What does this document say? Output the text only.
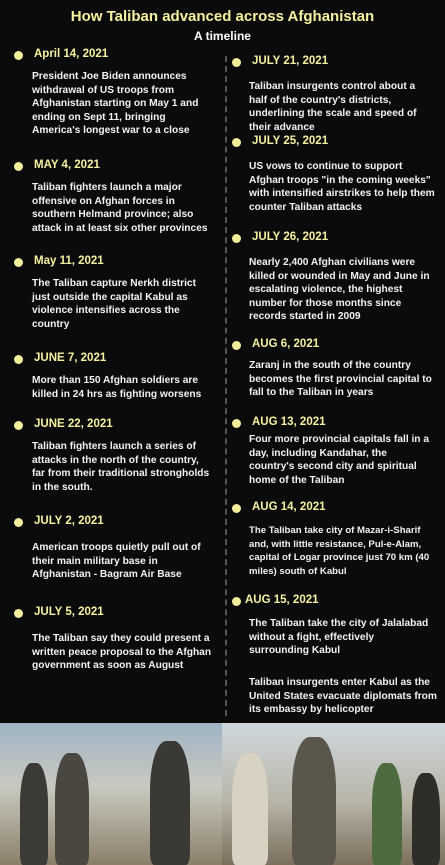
How Taliban advanced across Afghanistan
A timeline
April 14, 2021
President Joe Biden announces withdrawal of US troops from Afghanistan starting on May 1 and ending on Sept 11, bringing America's longest war to a close
MAY 4, 2021
Taliban fighters launch a major offensive on Afghan forces in southern Helmand province; also attack in at least six other provinces
May 11, 2021
The Taliban capture Nerkh district just outside the capital Kabul as violence intensifies across the country
JUNE 7, 2021
More than 150 Afghan soldiers are killed in 24 hrs as fighting worsens
JUNE 22, 2021
Taliban fighters launch a series of attacks in the north of the country, far from their traditional strongholds in the south.
JULY 2, 2021
American troops quietly pull out of their main military base in Afghanistan - Bagram Air Base
JULY 5, 2021
The Taliban say they could present a written peace proposal to the Afghan government as soon as August
JULY 21, 2021
Taliban insurgents control about a half of the country's districts, underlining the scale and speed of their advance
JULY 25, 2021
US vows to continue to support Afghan troops "in the coming weeks" with intensified airstrikes to help them counter Taliban attacks
JULY 26, 2021
Nearly 2,400 Afghan civilians were killed or wounded in May and June in escalating violence, the highest number for those months since records started in 2009
AUG 6, 2021
Zaranj in the south of the country becomes the first provincial capital to fall to the Taliban in years
AUG 13, 2021
Four more provincial capitals fall in a day, including Kandahar, the country's second city and spiritual home of the Taliban
AUG 14, 2021
The Taliban take city of Mazar-i-Sharif and, with little resistance, Pul-e-Alam, capital of Logar province just 70 km (40 miles) south of Kabul
AUG 15, 2021
The Taliban take the city of Jalalabad without a fight, effectively surrounding Kabul
Taliban insurgents enter Kabul as the United States evacuate diplomats from its embassy by helicopter
